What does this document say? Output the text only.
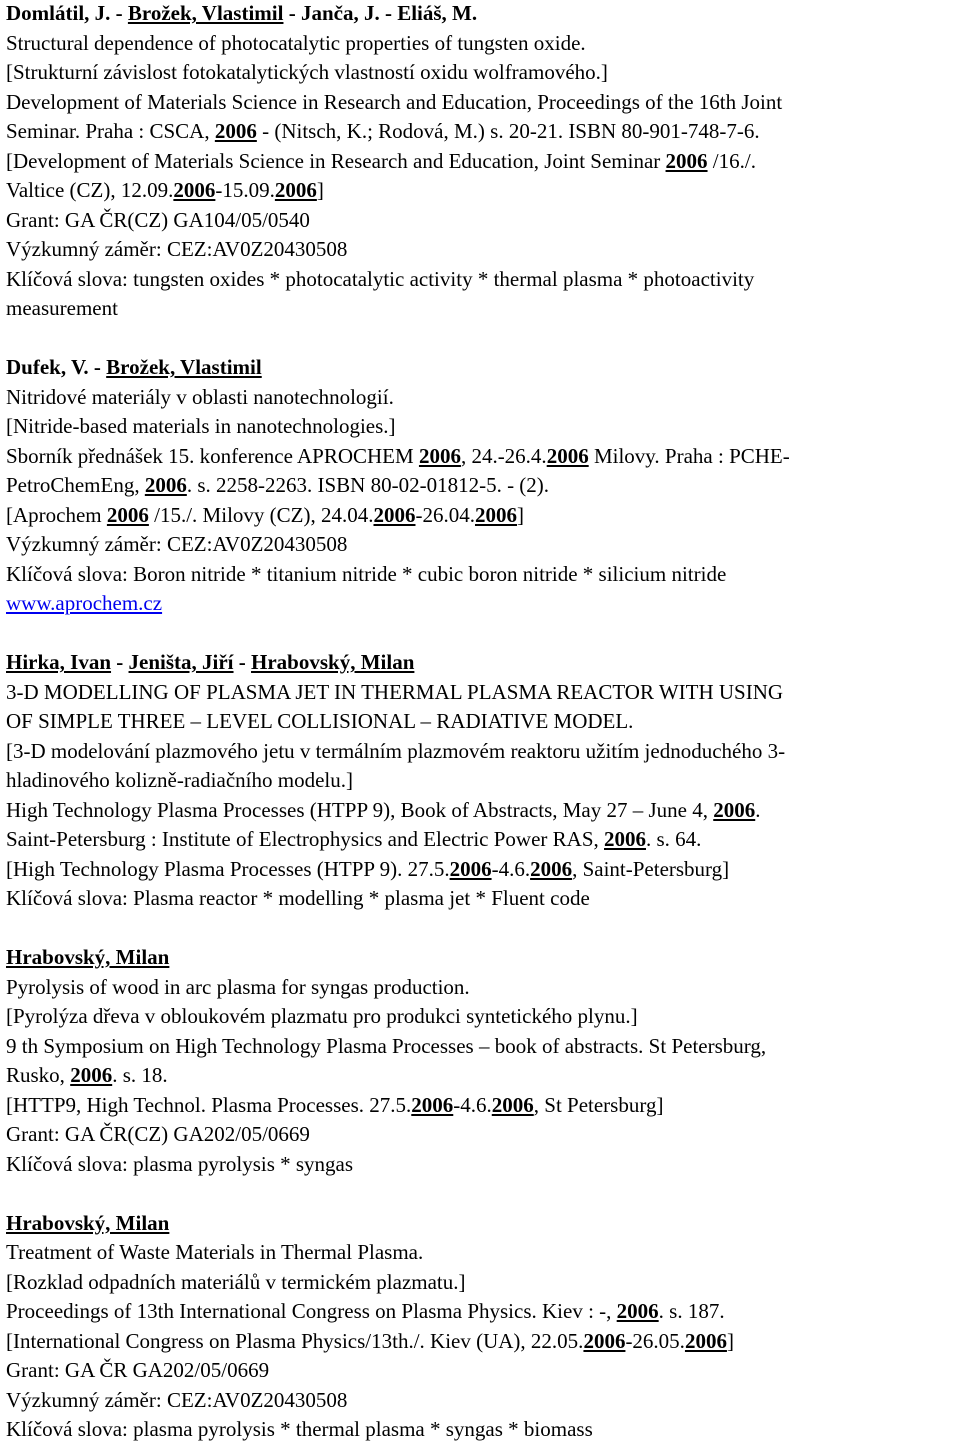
Domlátil, J. - Brožek, Vlastimil - Janča, J. - Eliáš, M.
Structural dependence of photocatalytic properties of tungsten oxide.
[Strukturní závislost fotokatalytických vlastností oxidu wolframového.]
Development of Materials Science in Research and Education, Proceedings of the 16th Joint
Seminar. Praha : CSCA, 2006 - (Nitsch, K.; Rodová, M.) s. 20-21. ISBN 80-901-748-7-6.
[Development of Materials Science in Research and Education, Joint Seminar 2006 /16./.
Valtice (CZ), 12.09.2006-15.09.2006]
Grant: GA ČR(CZ) GA104/05/0540
Výzkumný záměr: CEZ:AV0Z20430508
Klíčová slova: tungsten oxides * photocatalytic activity * thermal plasma * photoactivity
measurement
Dufek, V. - Brožek, Vlastimil
Nitridové materiály v oblasti nanotechnologií.
[Nitride-based materials in nanotechnologies.]
Sborník přednášek 15. konference APROCHEM 2006, 24.-26.4.2006 Milovy. Praha : PCHE-
PetroChemEng, 2006. s. 2258-2263. ISBN 80-02-01812-5. - (2).
[Aprochem 2006 /15./. Milovy (CZ), 24.04.2006-26.04.2006]
Výzkumný záměr: CEZ:AV0Z20430508
Klíčová slova: Boron nitride * titanium nitride * cubic boron nitride * silicium nitride
www.aprochem.cz
Hirka, Ivan - Jeništa, Jiří - Hrabovský, Milan
3-D MODELLING OF PLASMA JET IN THERMAL PLASMA REACTOR WITH USING
OF SIMPLE THREE – LEVEL COLLISIONAL – RADIATIVE MODEL.
[3-D modelování plazmového jetu v termálním plazmovém reaktoru užitím jednoduchého 3-
hladinového kolizně-radiačního modelu.]
High Technology Plasma Processes (HTPP 9), Book of Abstracts, May 27 – June 4, 2006.
Saint-Petersburg : Institute of Electrophysics and Electric Power RAS, 2006. s. 64.
[High Technology Plasma Processes (HTPP 9). 27.5.2006-4.6.2006, Saint-Petersburg]
Klíčová slova: Plasma reactor * modelling * plasma jet * Fluent code
Hrabovský, Milan
Pyrolysis of wood in arc plasma for syngas production.
[Pyrolýza dřeva v obloukovém plazmatu pro produkci syntetického plynu.]
9 th Symposium on High Technology Plasma Processes – book of abstracts. St Petersburg,
Rusko, 2006. s. 18.
[HTTP9, High Technol. Plasma Processes. 27.5.2006-4.6.2006, St Petersburg]
Grant: GA ČR(CZ) GA202/05/0669
Klíčová slova: plasma pyrolysis * syngas
Hrabovský, Milan
Treatment of Waste Materials in Thermal Plasma.
[Rozklad odpadních materiálů v termickém plazmatu.]
Proceedings of 13th International Congress on Plasma Physics. Kiev : -, 2006. s. 187.
[International Congress on Plasma Physics/13th./. Kiev (UA), 22.05.2006-26.05.2006]
Grant: GA ČR GA202/05/0669
Výzkumný záměr: CEZ:AV0Z20430508
Klíčová slova: plasma pyrolysis * thermal plasma * syngas * biomass
